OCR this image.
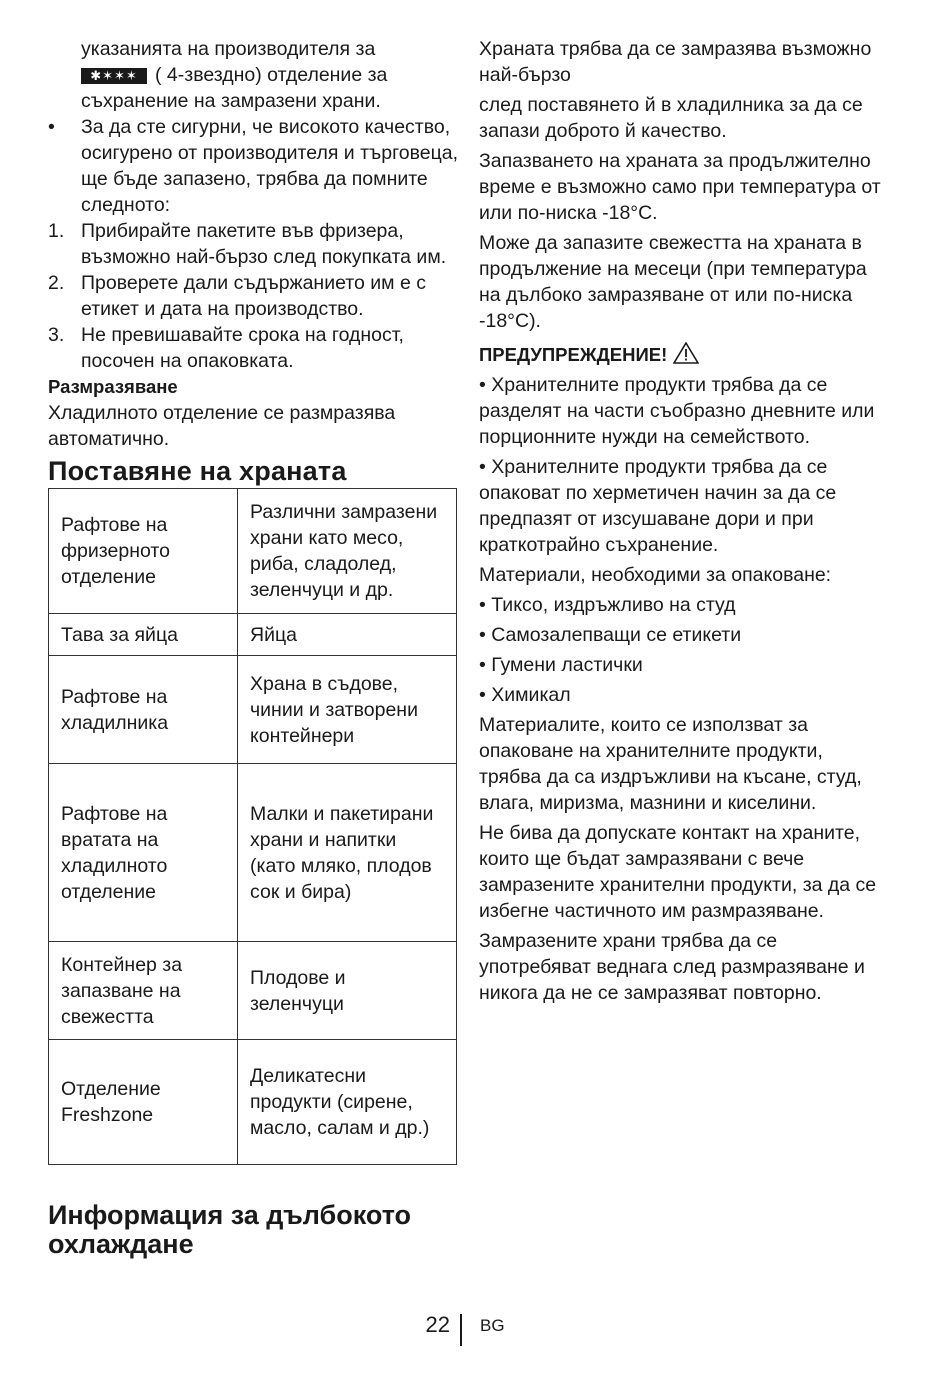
указанията на производителя за

✱✶✶✶ ( 4-звездно) отделение за

съхранение на замразени храни.

• За да сте сигурни, че високото качество, осигурено от производителя и търговеца, ще бъде запазено, трябва да помните следното:
1. Прибирайте пакетите във фризера, възможно най-бързо след покупката им.
2. Проверете дали съдържанието им е с етикет и дата на производство.
3. Не превишавайте срока на годност, посочен на опаковката.

Размразяване

Хладилното отделение се размразява автоматично.

Поставяне на храната
Рафтове на фризерното отделение	Различни замразени храни като месо, риба, сладолед, зеленчуци и др.
Тава за яйца	Яйца
Рафтове на хладилника	Храна в съдове, чинии и затворени контейнери
Рафтове на вратата на хладилното отделение	Малки и пакетирани храни и напитки (като мляко, плодов сок и бира)
Контейнер за запазване на свежестта	Плодове и зеленчуци
Отделение Freshzone	Деликатесни продукти (сирене, масло, салам и др.)
Информация за дълбокото охлаждане

Храната трябва да се замразява възможно най-бързо

след поставянето й в хладилника за да се запази доброто й качество.

Запазването на храната за продължително време е възможно само при температура от или по-ниска -18°C.

Може да запазите свежестта на храната в продължение на месеци (при температура на дълбоко замразяване от или по-ниска -18°C).

ПРЕДУПРЕЖДЕНИЕ!

• Хранителните продукти трябва да се разделят на части съобразно дневните или порционните нужди на семейството.

• Хранителните продукти трябва да се опаковат по херметичен начин за да се предпазят от изсушаване дори и при краткотрайно съхранение.

Материали, необходими за опаковане:

• Тиксо, издръжливо на студ

• Самозалепващи се етикети

• Гумени ластички

• Химикал

Материалите, които се използват за опаковане на хранителните продукти, трябва да са издръжливи на късане, студ, влага, миризма, мазнини и киселини.

Не бива да допускате контакт на храните, които ще бъдат замразявани с вече замразените хранителни продукти, за да се избегне частичното им размразяване.

Замразените храни трябва да се употребяват веднага след размразяване и никога да не се замразяват повторно.

22 BG
